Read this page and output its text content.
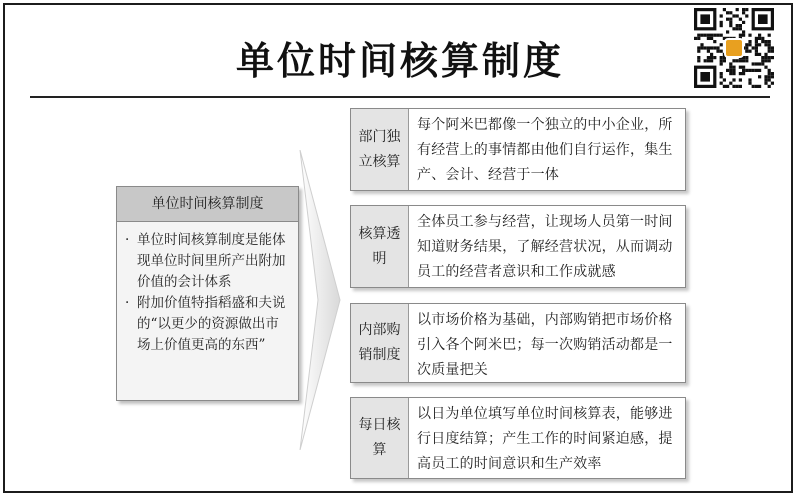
单位时间核算制度
单位时间核算制度
· 单位时间核算制度是能体现单位时间里所产出附加价值的会计体系
· 附加价值特指稻盛和夫说的“以更少的资源做出市场上价值更高的东西”
部门独立核算
每个阿米巴都像一个独立的中小企业，所有经营上的事情都由他们自行运作，集生产、会计、经营于一体
核算透明
全体员工参与经营，让现场人员第一时间知道财务结果，了解经营状况，从而调动员工的经营者意识和工作成就感
内部购销制度
以市场价格为基础，内部购销把市场价格引入各个阿米巴；每一次购销活动都是一次质量把关
每日核算
以日为单位填写单位时间核算表，能够进行日度结算；产生工作的时间紧迫感，提高员工的时间意识和生产效率
